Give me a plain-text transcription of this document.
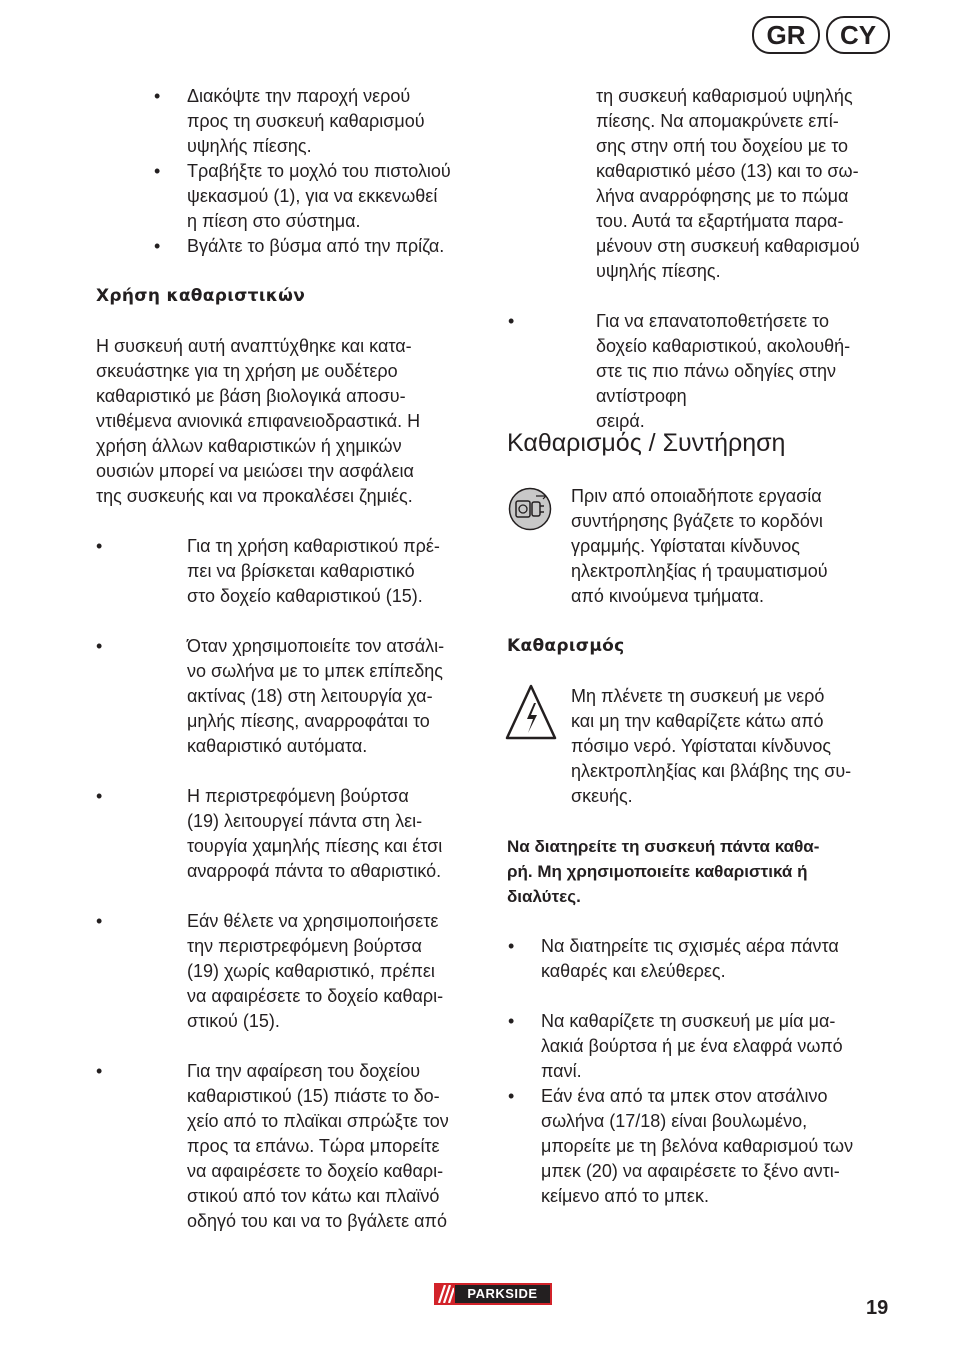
GR	CY
• Διακόψτε την παροχή νερού
προς τη συσκευή καθαρισμού
υψηλής πίεσης.
• Τραβήξτε το μοχλό του πιστολιού
ψεκασμού (1), για να εκκενωθεί
η πίεση στο σύστημα.
• Βγάλτε το βύσμα από την πρίζα.
Χρήση καθαριστικών
Η συσκευή αυτή αναπτύχθηκε και κατα-
σκευάστηκε για τη χρήση με ουδέτερο
καθαριστικό με βάση βιολογικά αποσυ-
ντιθέμενα ανιονικά επιφανειοδραστικά. Η
χρήση άλλων καθαριστικών ή χημικών
ουσιών μπορεί να μειώσει την ασφάλεια
της συσκευής και να προκαλέσει ζημιές.
•	Για τη χρήση καθαριστικού πρέ-
πει να βρίσκεται καθαριστικό
στο δοχείο καθαριστικού (15).
•	Όταν χρησιμοποιείτε τον ατσάλι-
νο σωλήνα με το μπεκ επίπεδης
ακτίνας (18) στη λειτουργία χα-
μηλής πίεσης, αναρροφάται το
καθαριστικό αυτόματα.
•	Η περιστρεφόμενη βούρτσα
(19) λειτουργεί πάντα στη λει-
τουργία χαμηλής πίεσης και έτσι
αναρροφά πάντα το αθαριστικό.
•	Εάν θέλετε να χρησιμοποιήσετε
την περιστρεφόμενη βούρτσα
(19) χωρίς καθαριστικό, πρέπει
να αφαιρέσετε το δοχείο καθαρι-
στικού (15).
•	Για την αφαίρεση του δοχείου
καθαριστικού (15) πιάστε το δο-
χείο από το πλαϊκαι σπρώξτε τον
προς τα επάνω. Τώρα μπορείτε
να αφαιρέσετε το δοχείο καθαρι-
στικού από τον κάτω και πλαϊνό
οδηγό του και να το βγάλετε από
τη συσκευή καθαρισμού υψηλής
πίεσης. Να απομακρύνετε επί-
σης στην οπή του δοχείου με το
καθαριστικό μέσο (13) και το σω-
λήνα αναρρόφησης με το πώμα
του. Αυτά τα εξαρτήματα παρα-
μένουν στη συσκευή καθαρισμού
υψηλής πίεσης.
•	Για να επανατοποθετήσετε το
δοχείο καθαριστικού, ακολουθή-
στε τις πιο πάνω οδηγίες στην
αντίστροφη
σειρά.
Καθαρισμός / Συντήρηση
Πριν από οποιαδήποτε εργασία
συντήρησης βγάζετε το κορδόνι
γραμμής. Υφίσταται κίνδυνος
ηλεκτροπληξίας ή τραυματισμού
από κινούμενα τμήματα.
Καθαρισμός
Μη πλένετε τη συσκευή με νερό
και μη την καθαρίζετε κάτω από
πόσιμο νερό. Υφίσταται κίνδυνος
ηλεκτροπληξίας και βλάβης της συ-
σκευής.
Να διατηρείτε τη συσκευή πάντα καθα-
ρή. Μη χρησιμοποιείτε καθαριστικά ή
διαλύτες.
• Να διατηρείτε τις σχισμές αέρα πάντα
καθαρές και ελεύθερες.
• Να καθαρίζετε τη συσκευή με μία μα-
λακιά βούρτσα ή με ένα ελαφρά νωπό
πανί.
• Εάν ένα από τα μπεκ στον ατσάλινο
σωλήνα (17/18) είναι βουλωμένο,
μπορείτε με τη βελόνα καθαρισμού των
μπεκ (20) να αφαιρέσετε το ξένο αντι-
κείμενο από το μπεκ.
PARKSIDE
19
